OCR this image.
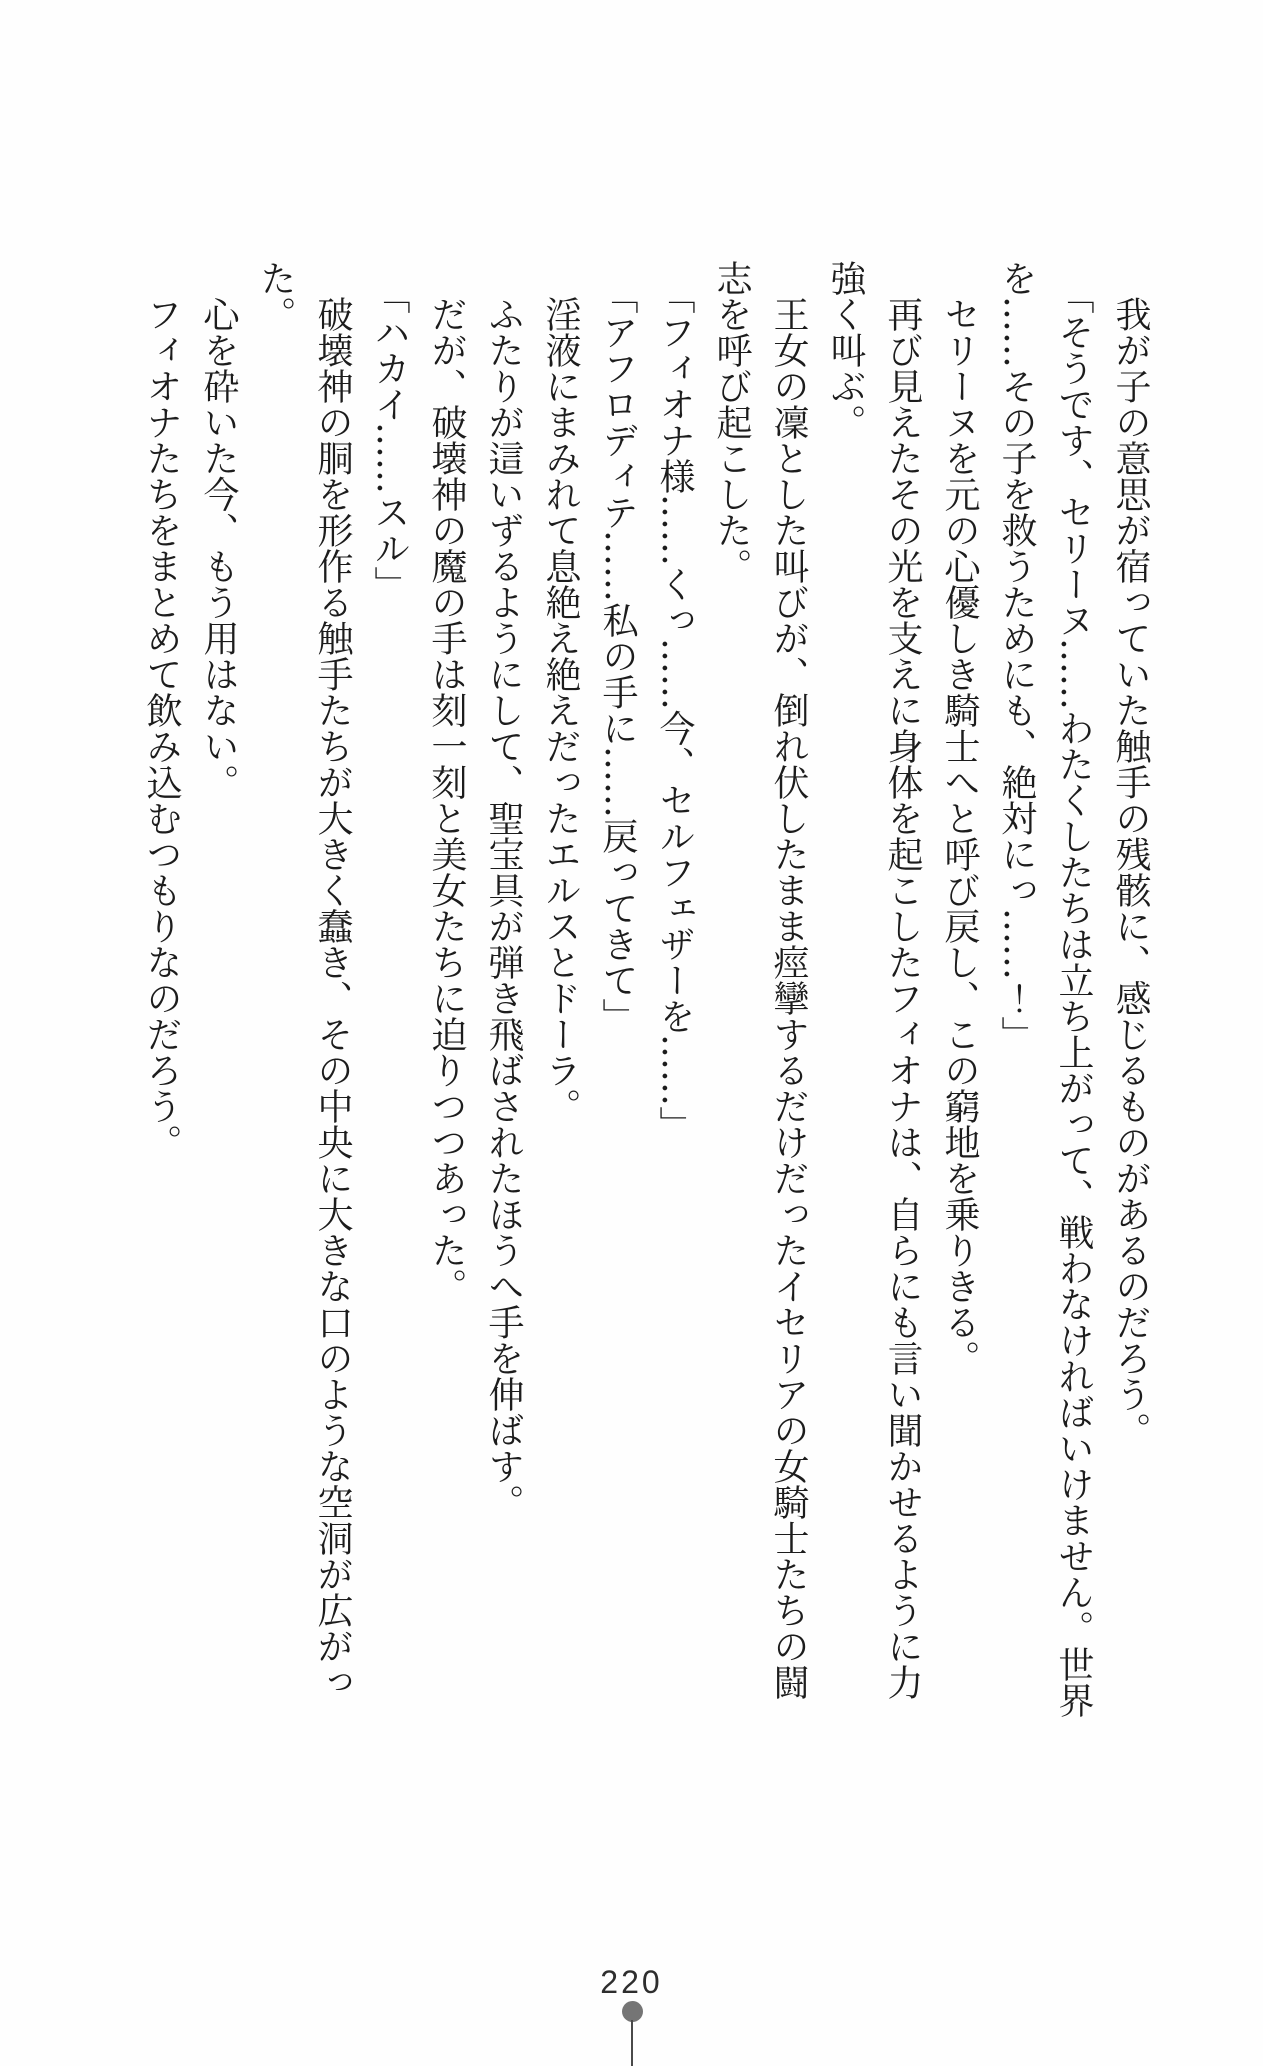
我が子の意思が宿っていた触手の残骸に、感じるものがあるのだろう。

「そうです、セリーヌ……わたくしたちは立ち上がって、戦わなければいけません。世界を……その子を救うためにも、絶対にっ……！」

セリーヌを元の心優しき騎士へと呼び戻し、この窮地を乗りきる。

再び見えたその光を支えに身体を起こしたフィオナは、自らにも言い聞かせるように力強く叫ぶ。

王女の凜とした叫びが、倒れ伏したまま痙攣するだけだったイセリアの女騎士たちの闘志を呼び起こした。

「フィオナ様……くっ……今、セルフェザーを……」

「アフロディテ……私の手に……戻ってきて」

淫液にまみれて息絶え絶えだったエルスとドーラ。

ふたりが這いずるようにして、聖宝具が弾き飛ばされたほうへ手を伸ばす。

だが、破壊神の魔の手は刻一刻と美女たちに迫りつつあった。

「ハカイ……スル」

破壊神の胴を形作る触手たちが大きく蠢き、その中央に大きな口のような空洞が広がった。

心を砕いた今、もう用はない。

フィオナたちをまとめて飲み込むつもりなのだろう。

220
